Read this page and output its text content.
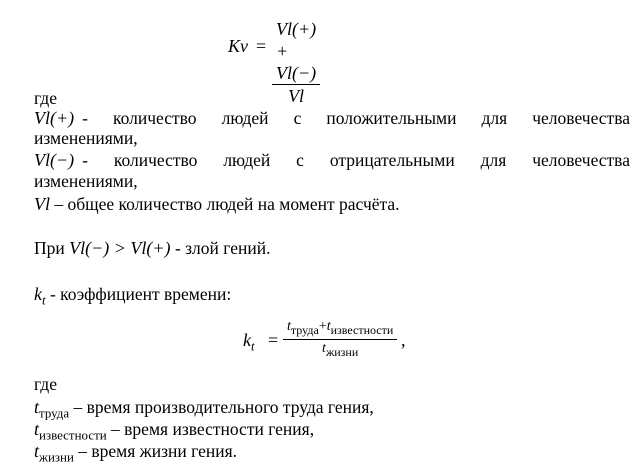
Kv =
Vl(+) + Vl(−)
Vl
где
Vl(+) - количество людей с положительными для человечества
изменениями,
Vl(−) - количество людей с отрицательными для человечества
изменениями,
Vl – общее количество людей на момент расчёта.
При Vl(−) > Vl(+) - злой гений.
$k_t$ - коэффициент времени:
$k_t$ =
$t_{труда}+t_{известности}$
$t_{жизни}$
,
где
$t_{труда}$ – время производительного труда гения,
$t_{известности}$ – время известности гения,
$t_{жизни}$ – время жизни гения.
